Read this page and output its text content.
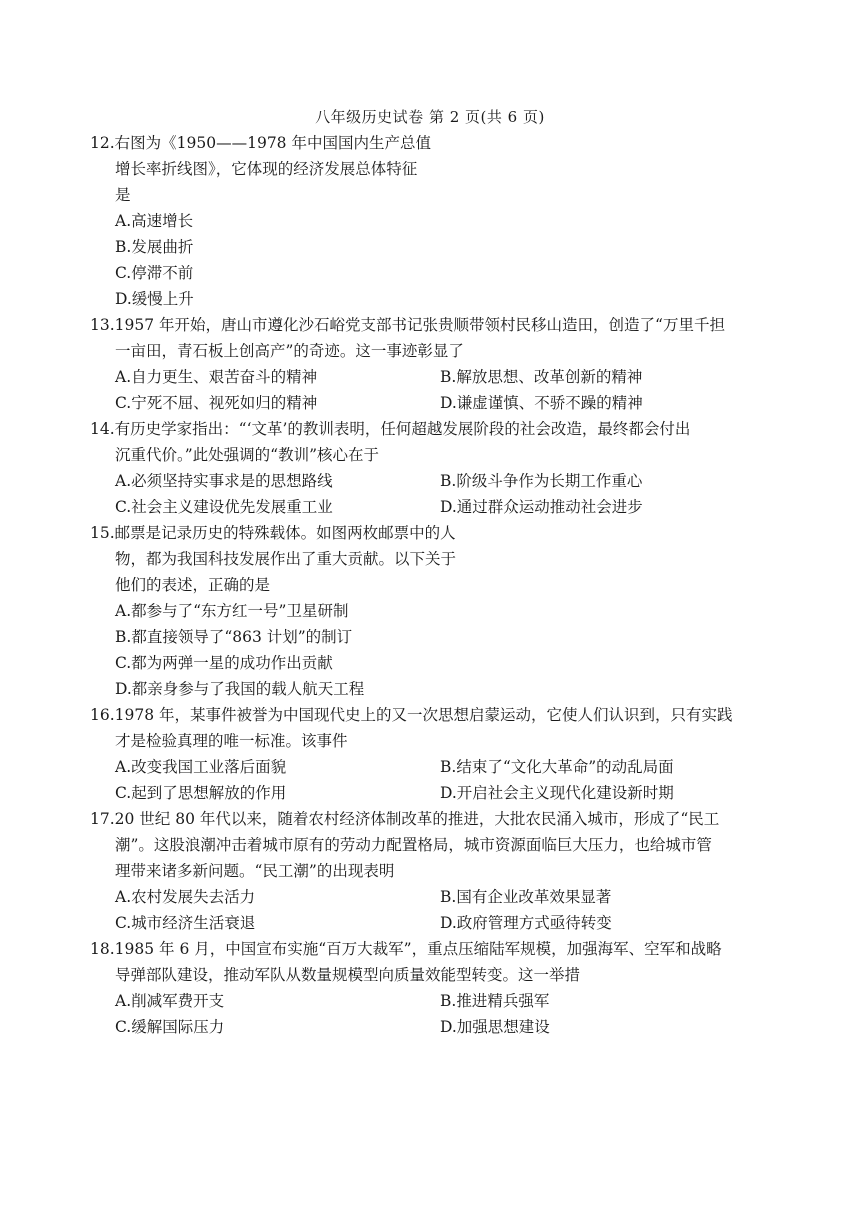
八年级历史试卷 第 2 页(共 6 页)
12.右图为《1950——1978 年中国国内生产总值
增长率折线图》，它体现的经济发展总体特征
是
A.高速增长
B.发展曲折
C.停滞不前
D.缓慢上升
13.1957 年开始，唐山市遵化沙石峪党支部书记张贵顺带领村民移山造田，创造了“万里千担
一亩田，青石板上创高产”的奇迹。这一事迹彰显了
A.自力更生、艰苦奋斗的精神	B.解放思想、改革创新的精神
C.宁死不屈、视死如归的精神	D.谦虚谨慎、不骄不躁的精神
14.有历史学家指出：“‘文革’的教训表明，任何超越发展阶段的社会改造，最终都会付出
沉重代价。”此处强调的“教训”核心在于
A.必须坚持实事求是的思想路线	B.阶级斗争作为长期工作重心
C.社会主义建设优先发展重工业	D.通过群众运动推动社会进步
15.邮票是记录历史的特殊载体。如图两枚邮票中的人
物，都为我国科技发展作出了重大贡献。以下关于
他们的表述，正确的是
A.都参与了“东方红一号”卫星研制
B.都直接领导了“863 计划”的制订
C.都为两弹一星的成功作出贡献
D.都亲身参与了我国的载人航天工程
16.1978 年，某事件被誉为中国现代史上的又一次思想启蒙运动，它使人们认识到，只有实践
才是检验真理的唯一标准。该事件
A.改变我国工业落后面貌	B.结束了“文化大革命”的动乱局面
C.起到了思想解放的作用	D.开启社会主义现代化建设新时期
17.20 世纪 80 年代以来，随着农村经济体制改革的推进，大批农民涌入城市，形成了“民工
潮”。这股浪潮冲击着城市原有的劳动力配置格局，城市资源面临巨大压力，也给城市管
理带来诸多新问题。“民工潮”的出现表明
A.农村发展失去活力	B.国有企业改革效果显著
C.城市经济生活衰退	D.政府管理方式亟待转变
18.1985 年 6 月，中国宣布实施“百万大裁军”，重点压缩陆军规模，加强海军、空军和战略
导弹部队建设，推动军队从数量规模型向质量效能型转变。这一举措
A.削减军费开支	B.推进精兵强军
C.缓解国际压力	D.加强思想建设
